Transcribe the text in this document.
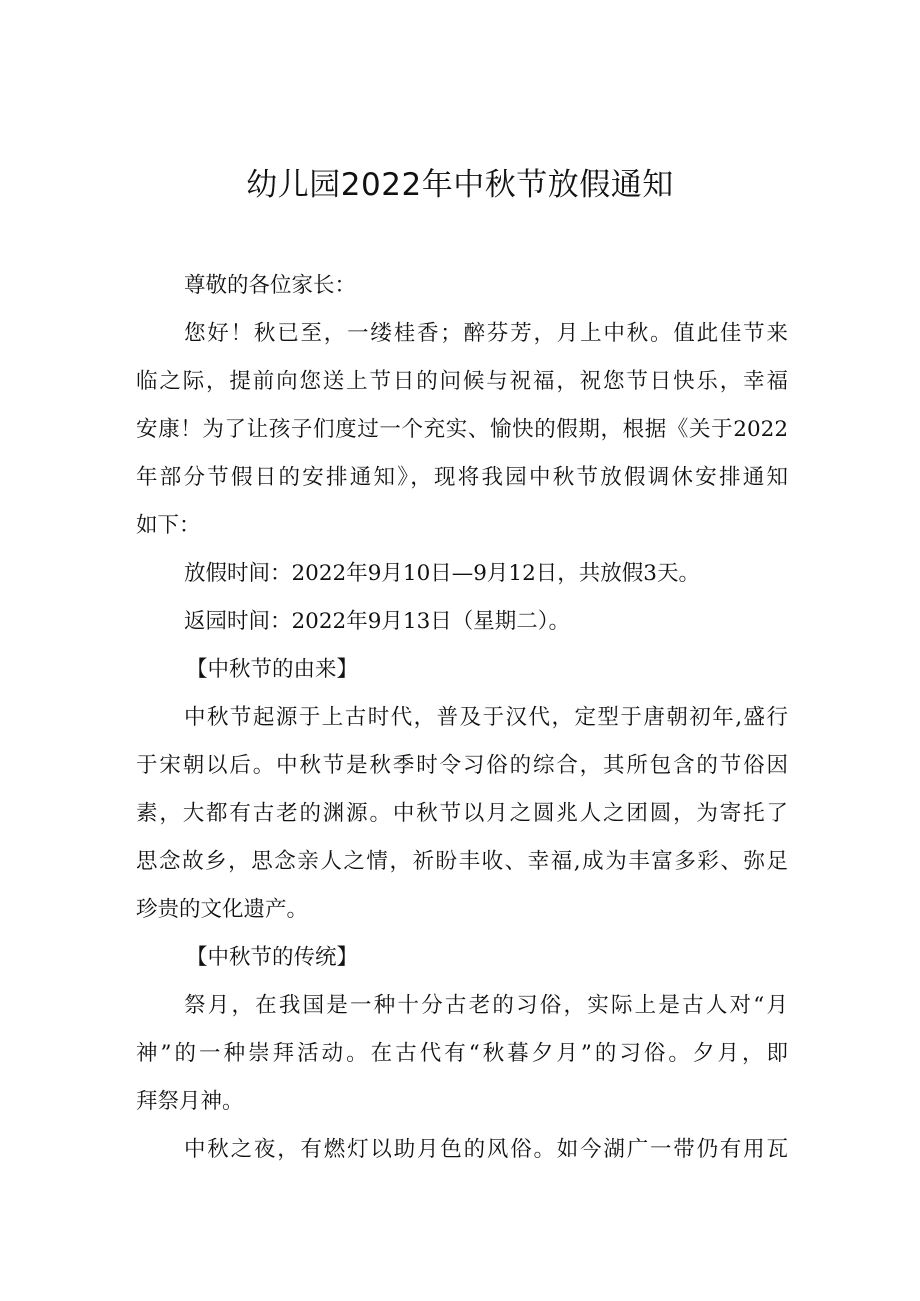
幼儿园2022年中秋节放假通知
尊敬的各位家长：
您好！秋已至，一缕桂香；醉芬芳，月上中秋。值此佳节来
临之际，提前向您送上节日的问候与祝福，祝您节日快乐，幸福
安康！为了让孩子们度过一个充实、愉快的假期，根据《关于2022
年部分节假日的安排通知》，现将我园中秋节放假调休安排通知
如下：
放假时间：2022年9月10日—9月12日，共放假3天。
返园时间：2022年9月13日（星期二）。
【中秋节的由来】
中秋节起源于上古时代，普及于汉代，定型于唐朝初年,盛行
于宋朝以后。中秋节是秋季时令习俗的综合，其所包含的节俗因
素，大都有古老的渊源。中秋节以月之圆兆人之团圆，为寄托了
思念故乡，思念亲人之情，祈盼丰收、幸福,成为丰富多彩、弥足
珍贵的文化遗产。
【中秋节的传统】
祭月，在我国是一种十分古老的习俗，实际上是古人对“月
神”的一种崇拜活动。在古代有“秋暮夕月”的习俗。夕月，即
拜祭月神。
中秋之夜，有燃灯以助月色的风俗。如今湖广一带仍有用瓦
